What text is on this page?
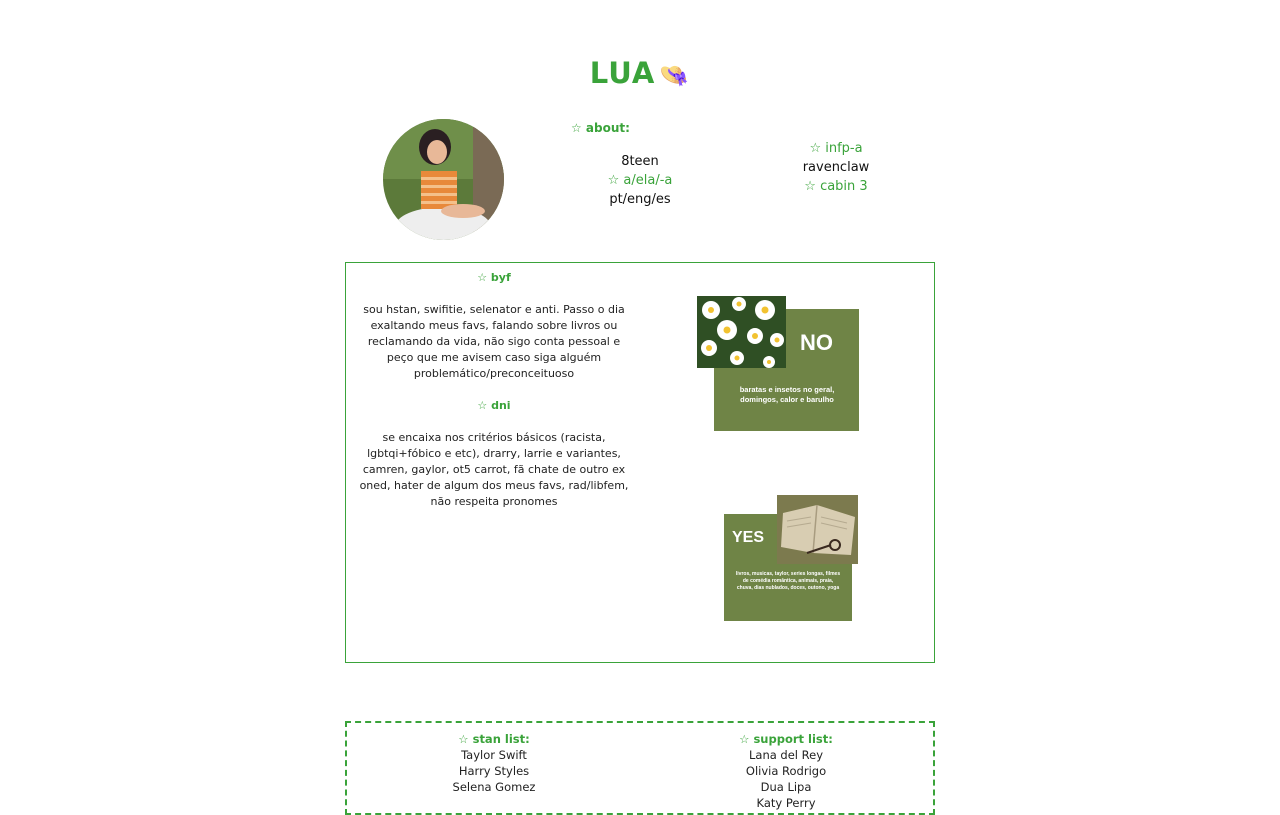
LUA 👒
☆ about:
8teen
☆ a/ela/-a
pt/eng/es
☆ infp-a
ravenclaw
☆ cabin 3

☆ byf

sou hstan, swifitie, selenator e anti. Passo o dia exaltando meus favs, falando sobre livros ou reclamando da vida, não sigo conta pessoal e peço que me avisem caso siga alguém problemático/preconceituoso

☆ dni

se encaixa nos critérios básicos (racista, lgbtqi+fóbico e etc), drarry, larrie e variantes, camren, gaylor, ot5 carrot, fã chate de outro ex oned, hater de algum dos meus favs, rad/libfem, não respeita pronomes

NO
baratas e insetos no geral, domingos, calor e barulho
YES
livros, musicas, taylor, series longas, filmes de comédia romântica, animais, praia, chuva, dias nublados, doces, outono, yoga
☆ stan list:
Taylor Swift
Harry Styles
Selena Gomez
☆ support list:
Lana del Rey
Olivia Rodrigo
Dua Lipa
Katy Perry
